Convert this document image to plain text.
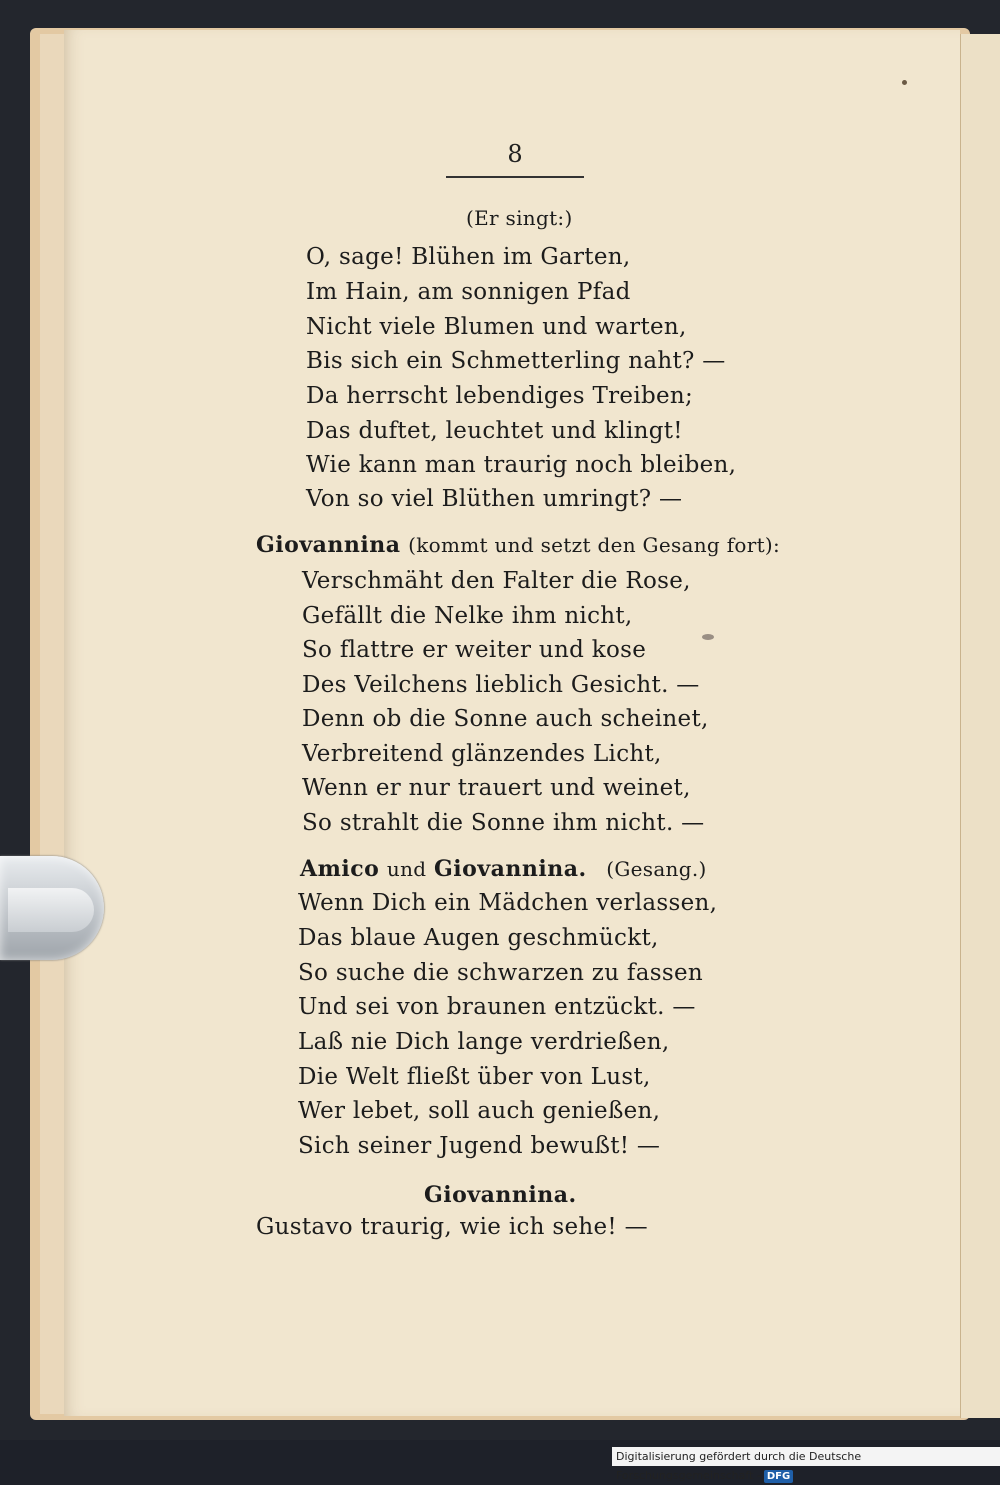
8
(Er singt:)
O, sage! Blühen im Garten,
Im Hain, am sonnigen Pfad
Nicht viele Blumen und warten,
Bis sich ein Schmetterling naht? —
Da herrscht lebendiges Treiben;
Das duftet, leuchtet und klingt!
Wie kann man traurig noch bleiben,
Von so viel Blüthen umringt? —
Giovannina (kommt und setzt den Gesang fort):
Verschmäht den Falter die Rose,
Gefällt die Nelke ihm nicht,
So flattre er weiter und kose
Des Veilchens lieblich Gesicht. —
Denn ob die Sonne auch scheinet,
Verbreitend glänzendes Licht,
Wenn er nur trauert und weinet,
So strahlt die Sonne ihm nicht. —
Amico und Giovannina. (Gesang.)
Wenn Dich ein Mädchen verlassen,
Das blaue Augen geschmückt,
So suche die schwarzen zu fassen
Und sei von braunen entzückt. —
Laß nie Dich lange verdrießen,
Die Welt fließt über von Lust,
Wer lebet, soll auch genießen,
Sich seiner Jugend bewußt! —
Giovannina.
Gustavo traurig, wie ich sehe! —
Digitalisierung gefördert durch die Deutsche Forschungsgemeinschaft - DFG
